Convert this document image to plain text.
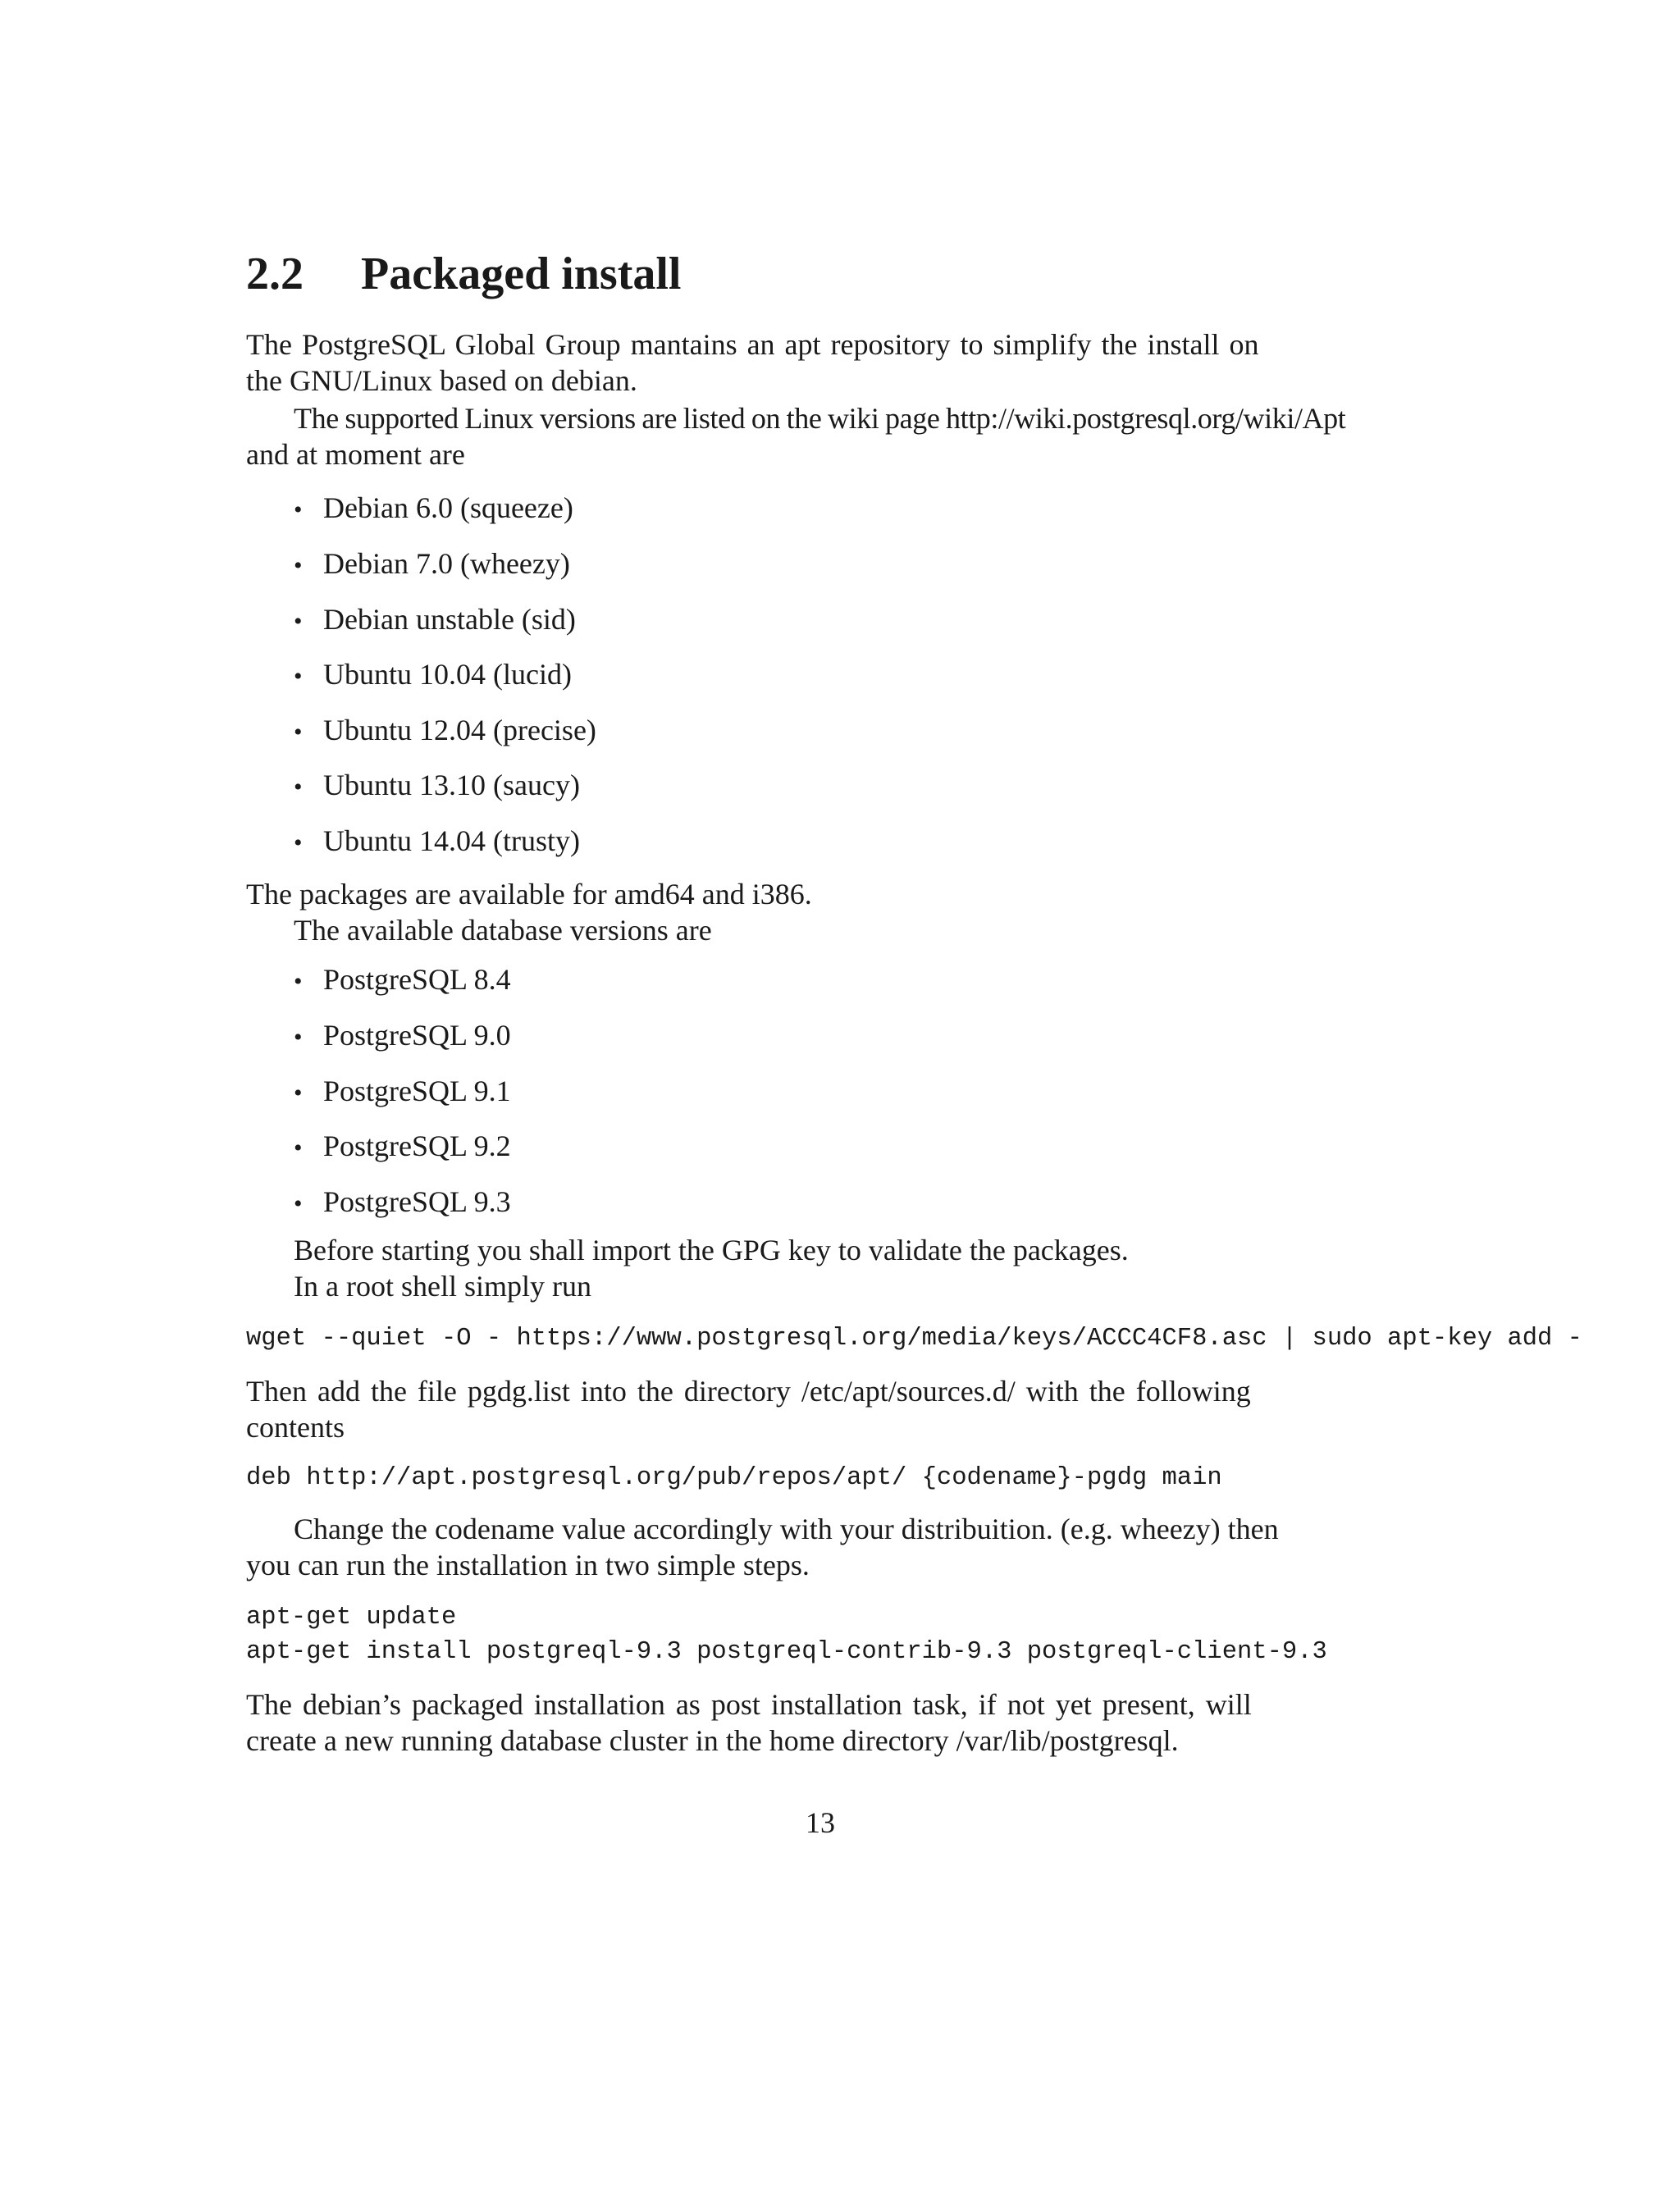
2.2 Packaged install
The PostgreSQL Global Group mantains an apt repository to simplify the install on
the GNU/Linux based on debian.
The supported Linux versions are listed on the wiki page http://wiki.postgresql.org/wiki/Apt
and at moment are
• Debian 6.0 (squeeze)
• Debian 7.0 (wheezy)
• Debian unstable (sid)
• Ubuntu 10.04 (lucid)
• Ubuntu 12.04 (precise)
• Ubuntu 13.10 (saucy)
• Ubuntu 14.04 (trusty)
The packages are available for amd64 and i386.
The available database versions are
• PostgreSQL 8.4
• PostgreSQL 9.0
• PostgreSQL 9.1
• PostgreSQL 9.2
• PostgreSQL 9.3
Before starting you shall import the GPG key to validate the packages.
In a root shell simply run
wget --quiet -O - https://www.postgresql.org/media/keys/ACCC4CF8.asc | sudo apt-key add -
Then add the file pgdg.list into the directory /etc/apt/sources.d/ with the following
contents
deb http://apt.postgresql.org/pub/repos/apt/ {codename}-pgdg main
Change the codename value accordingly with your distribuition. (e.g. wheezy) then
you can run the installation in two simple steps.
apt-get update
apt-get install postgreql-9.3 postgreql-contrib-9.3 postgreql-client-9.3
The debian’s packaged installation as post installation task, if not yet present, will
create a new running database cluster in the home directory /var/lib/postgresql.
13
